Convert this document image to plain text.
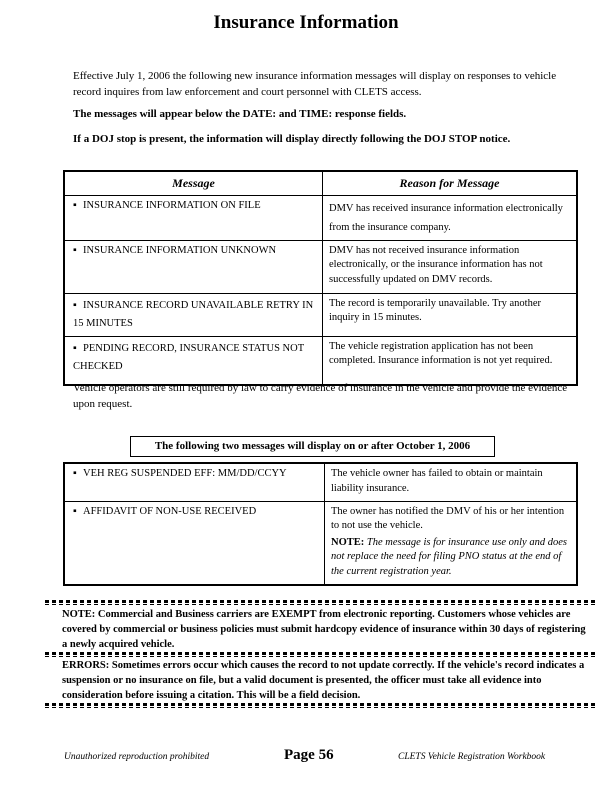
Insurance Information
Effective July 1, 2006 the following new insurance information messages will display on responses to vehicle record inquires from law enforcement and court personnel with CLETS access.
The messages will appear below the DATE: and TIME: response fields.
If a DOJ stop is present, the information will display directly following the DOJ STOP notice.
Message	Reason for Message
▪ INSURANCE INFORMATION ON FILE	DMV has received insurance information electronically from the insurance company.
▪ INSURANCE INFORMATION UNKNOWN	DMV has not received insurance information electronically, or the insurance information has not successfully updated on DMV records.
▪ INSURANCE RECORD UNAVAILABLE RETRY IN 15 MINUTES	The record is temporarily unavailable. Try another inquiry in 15 minutes.
▪ PENDING RECORD, INSURANCE STATUS NOT CHECKED	The vehicle registration application has not been completed. Insurance information is not yet required.
Vehicle operators are still required by law to carry evidence of insurance in the vehicle and provide the evidence upon request.
The following two messages will display on or after October 1, 2006
▪ VEH REG SUSPENDED EFF: MM/DD/CCYY	The vehicle owner has failed to obtain or maintain liability insurance.
▪ AFFIDAVIT OF NON-USE RECEIVED	The owner has notified the DMV of his or her intention to not use the vehicle.
NOTE: The message is for insurance use only and does not replace the need for filing PNO status at the end of the current registration year.
NOTE: Commercial and Business carriers are EXEMPT from electronic reporting. Customers whose vehicles are covered by commercial or business policies must submit hardcopy evidence of insurance within 30 days of registering a newly acquired vehicle.
ERRORS: Sometimes errors occur which causes the record to not update correctly. If the vehicle's record indicates a suspension or no insurance on file, but a valid document is presented, the officer must take all evidence into consideration before issuing a citation. This will be a field decision.
Unauthorized reproduction prohibited	Page 56	CLETS Vehicle Registration Workbook
